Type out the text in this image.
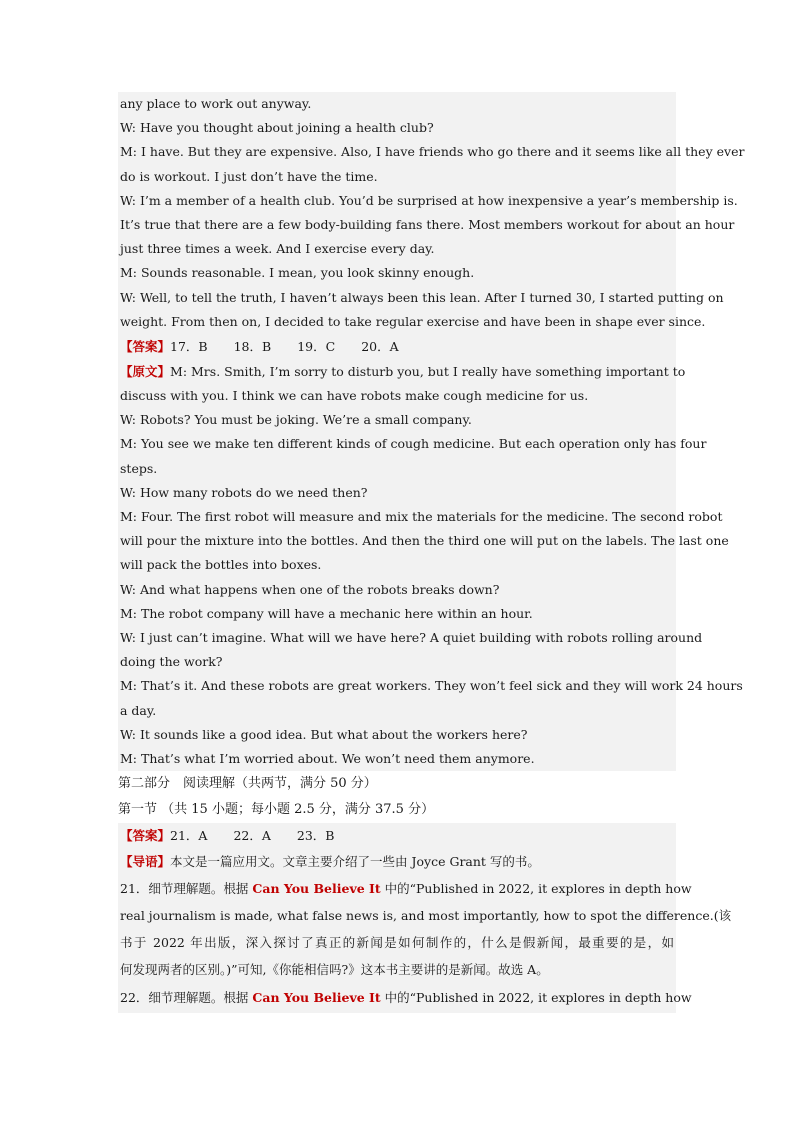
any place to work out anyway.
W: Have you thought about joining a health club?
M: I have. But they are expensive. Also, I have friends who go there and it seems like all they ever
do is workout. I just don’t have the time.
W: I’m a member of a health club. You’d be surprised at how inexpensive a year’s membership is.
It’s true that there are a few body-building fans there. Most members workout for about an hour
just three times a week. And I exercise every day.
M: Sounds reasonable. I mean, you look skinny enough.
W: Well, to tell the truth, I haven’t always been this lean. After I turned 30, I started putting on
weight. From then on, I decided to take regular exercise and have been in shape ever since.
【答案】17．B 18．B 19．C 20．A
【原文】M: Mrs. Smith, I’m sorry to disturb you, but I really have something important to
discuss with you. I think we can have robots make cough medicine for us.
W: Robots? You must be joking. We’re a small company.
M: You see we make ten different kinds of cough medicine. But each operation only has four
steps.
W: How many robots do we need then?
M: Four. The first robot will measure and mix the materials for the medicine. The second robot
will pour the mixture into the bottles. And then the third one will put on the labels. The last one
will pack the bottles into boxes.
W: And what happens when one of the robots breaks down?
M: The robot company will have a mechanic here within an hour.
W: I just can’t imagine. What will we have here? A quiet building with robots rolling around
doing the work?
M: That’s it. And these robots are great workers. They won’t feel sick and they will work 24 hours
a day.
W: It sounds like a good idea. But what about the workers here?
M: That’s what I’m worried about. We won’t need them anymore.
第二部分　阅读理解（共两节，满分 50 分）
第一节 （共 15 小题；每小题 2.5 分，满分 37.5 分）
【答案】21．A 22．A 23．B
【导语】本文是一篇应用文。文章主要介绍了一些由 Joyce Grant 写的书。
21．细节理解题。根据 Can You Believe It 中的“Published in 2022, it explores in depth how
real journalism is made, what false news is, and most importantly, how to spot the difference.(该
书于 2022 年出版，深入探讨了真正的新闻是如何制作的，什么是假新闻，最重要的是，如
何发现两者的区别。)”可知,《你能相信吗?》这本书主要讲的是新闻。故选 A。
22．细节理解题。根据 Can You Believe It 中的“Published in 2022, it explores in depth how
